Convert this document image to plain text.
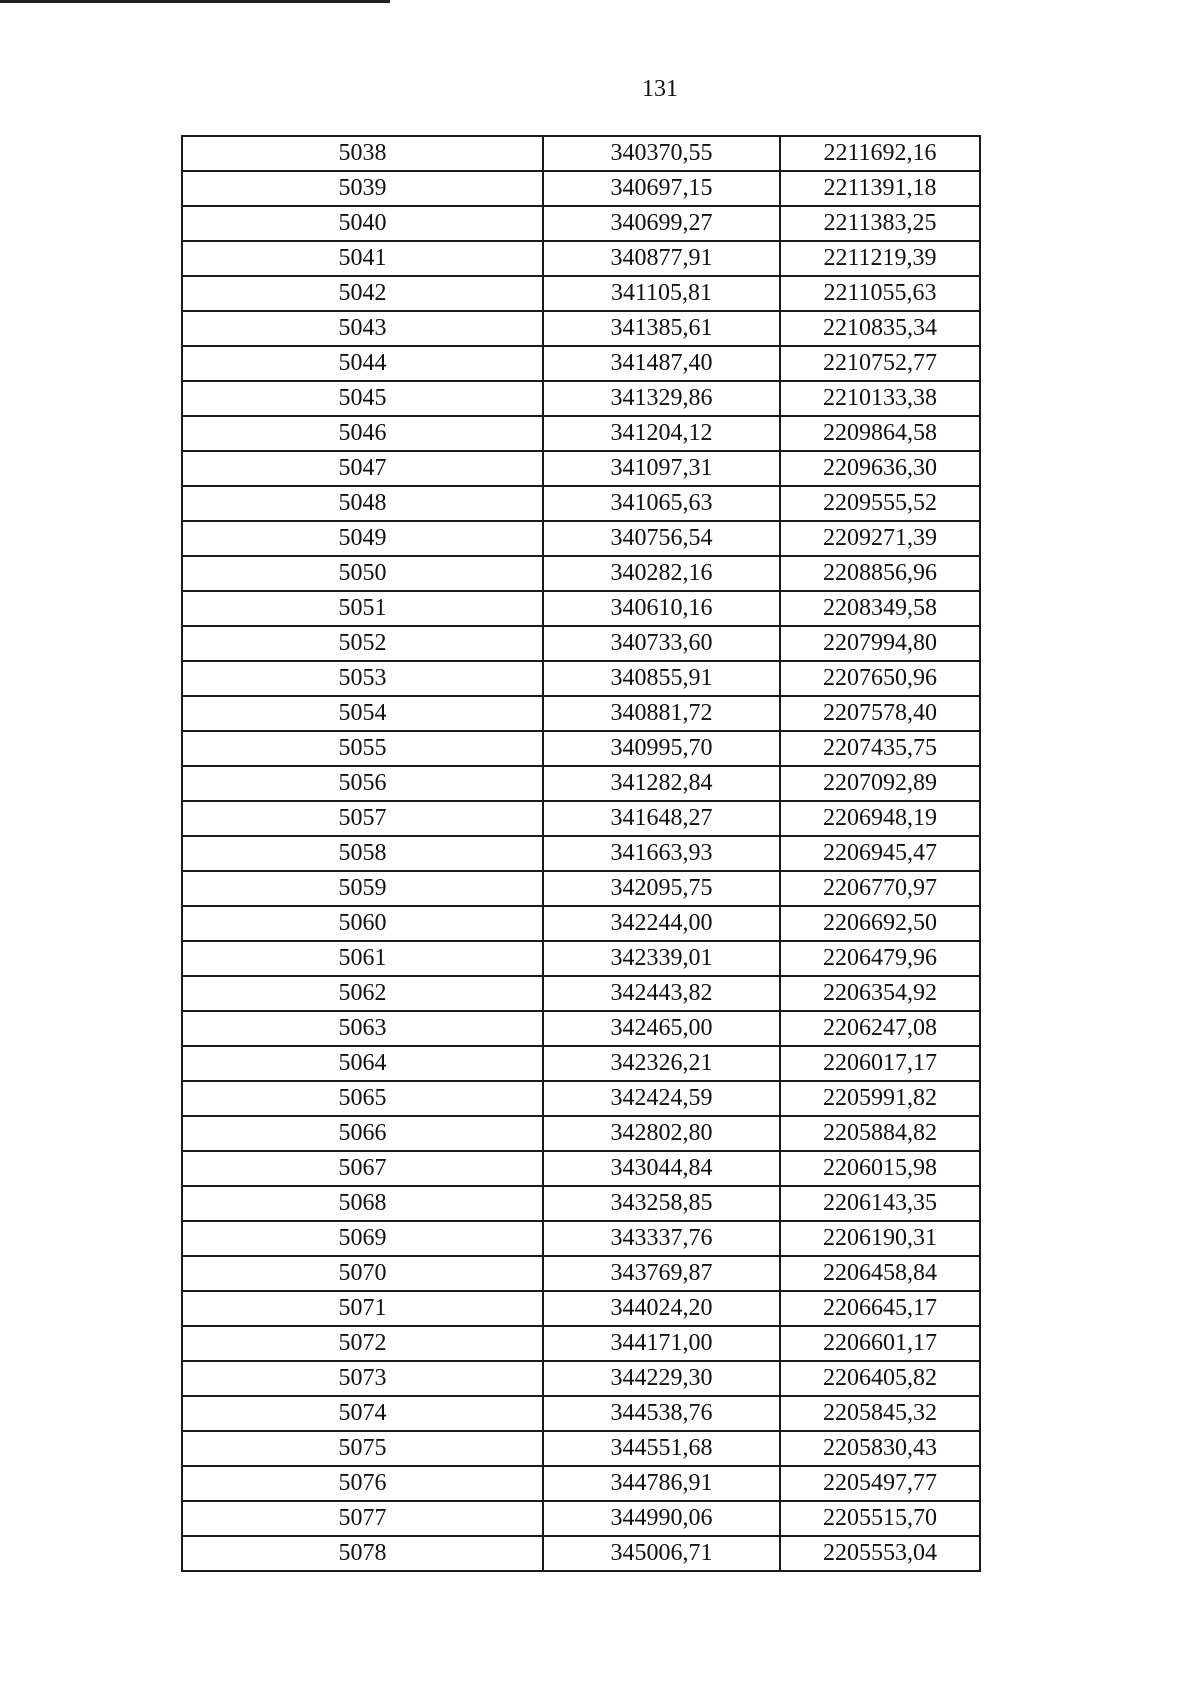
131
5038	340370,55	2211692,16
5039	340697,15	2211391,18
5040	340699,27	2211383,25
5041	340877,91	2211219,39
5042	341105,81	2211055,63
5043	341385,61	2210835,34
5044	341487,40	2210752,77
5045	341329,86	2210133,38
5046	341204,12	2209864,58
5047	341097,31	2209636,30
5048	341065,63	2209555,52
5049	340756,54	2209271,39
5050	340282,16	2208856,96
5051	340610,16	2208349,58
5052	340733,60	2207994,80
5053	340855,91	2207650,96
5054	340881,72	2207578,40
5055	340995,70	2207435,75
5056	341282,84	2207092,89
5057	341648,27	2206948,19
5058	341663,93	2206945,47
5059	342095,75	2206770,97
5060	342244,00	2206692,50
5061	342339,01	2206479,96
5062	342443,82	2206354,92
5063	342465,00	2206247,08
5064	342326,21	2206017,17
5065	342424,59	2205991,82
5066	342802,80	2205884,82
5067	343044,84	2206015,98
5068	343258,85	2206143,35
5069	343337,76	2206190,31
5070	343769,87	2206458,84
5071	344024,20	2206645,17
5072	344171,00	2206601,17
5073	344229,30	2206405,82
5074	344538,76	2205845,32
5075	344551,68	2205830,43
5076	344786,91	2205497,77
5077	344990,06	2205515,70
5078	345006,71	2205553,04
